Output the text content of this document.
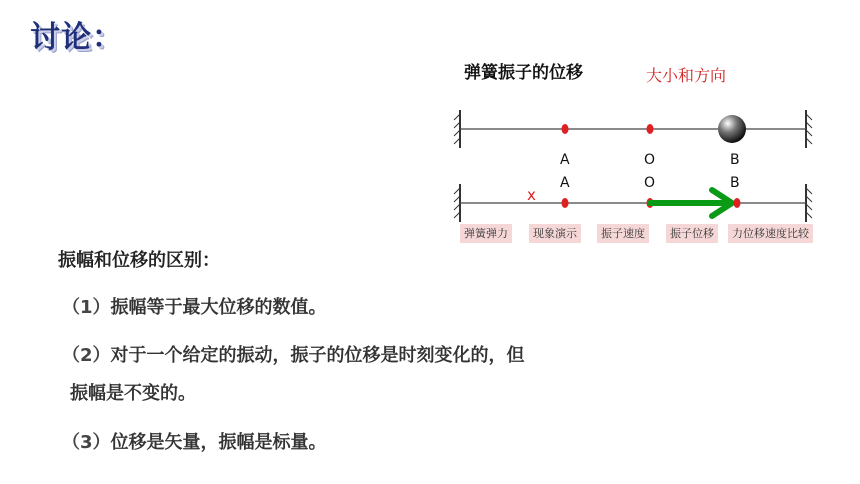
讨论：
弹簧振子的位移	大小和方向
A	O	B
A	O	B
x
弹簧弹力	现象演示	振子速度	振子位移	力位移速度比较
振幅和位移的区别：
（1）振幅等于最大位移的数值。
（2）对于一个给定的振动，振子的位移是时刻变化的，但
振幅是不变的。
（3）位移是矢量，振幅是标量。
